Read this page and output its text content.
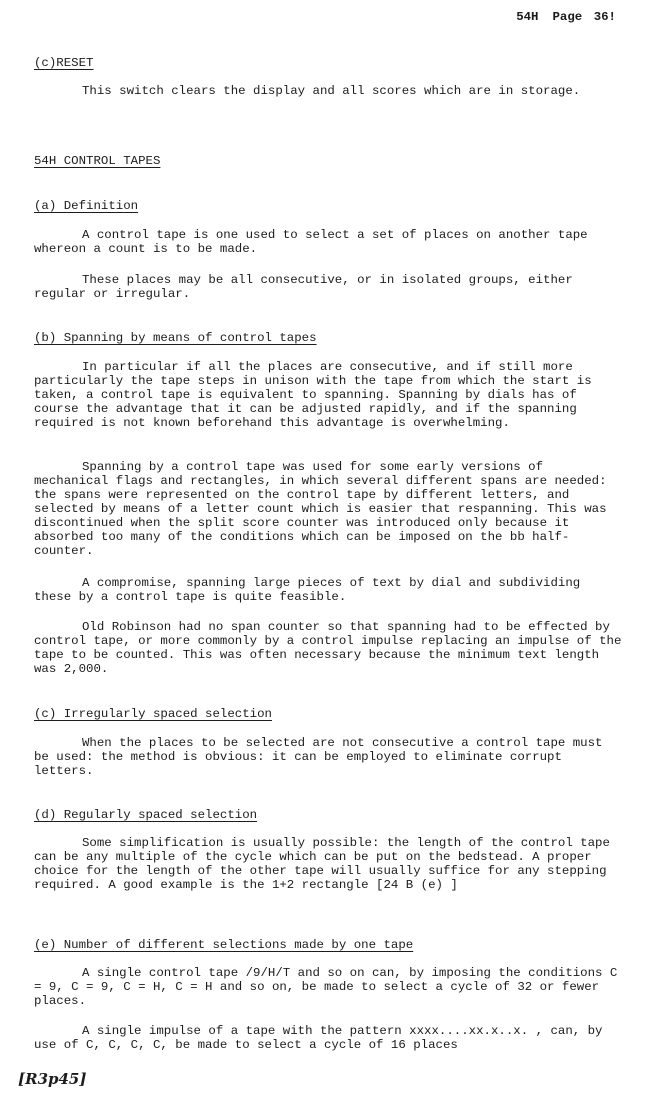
54H Page 36!
(c)RESET

This switch clears the display and all scores which are in storage.

54H CONTROL TAPES
(a) Definition

A control tape is one used to select a set of places on another tape whereon a count is to be made.

These places may be all consecutive, or in isolated groups, either regular or irregular.

(b) Spanning by means of control tapes

In particular if all the places are consecutive, and if still more particularly the tape steps in unison with the tape from which the start is taken, a control tape is equivalent to spanning. Spanning by dials has of course the advantage that it can be adjusted rapidly, and if the spanning required is not known beforehand this advantage is overwhelming.

Spanning by a control tape was used for some early versions of mechanical flags and rectangles, in which several different spans are needed: the spans were represented on the control tape by different letters, and selected by means of a letter count which is easier that respanning. This was discontinued when the split score counter was introduced only because it absorbed too many of the conditions which can be imposed on the bb half-counter.

A compromise, spanning large pieces of text by dial and subdividing these by a control tape is quite feasible.

Old Robinson had no span counter so that spanning had to be effected by control tape, or more commonly by a control impulse replacing an impulse of the tape to be counted. This was often necessary because the minimum text length was 2,000.

(c) Irregularly spaced selection

When the places to be selected are not consecutive a control tape must be used: the method is obvious: it can be employed to eliminate corrupt letters.

(d) Regularly spaced selection

Some simplification is usually possible: the length of the control tape can be any multiple of the cycle which can be put on the bedstead. A proper choice for the length of the other tape will usually suffice for any stepping required. A good example is the 1+2 rectangle [24 B (e) ]

(e) Number of different selections made by one tape

A single control tape /9/H/T and so on can, by imposing the conditions C = 9, C = 9, C = H, C = H and so on, be made to select a cycle of 32 or fewer places.

A single impulse of a tape with the pattern xxxx....xx.x..x. , can, by use of C, C, C, C, be made to select a cycle of 16 places

[R3p45]
